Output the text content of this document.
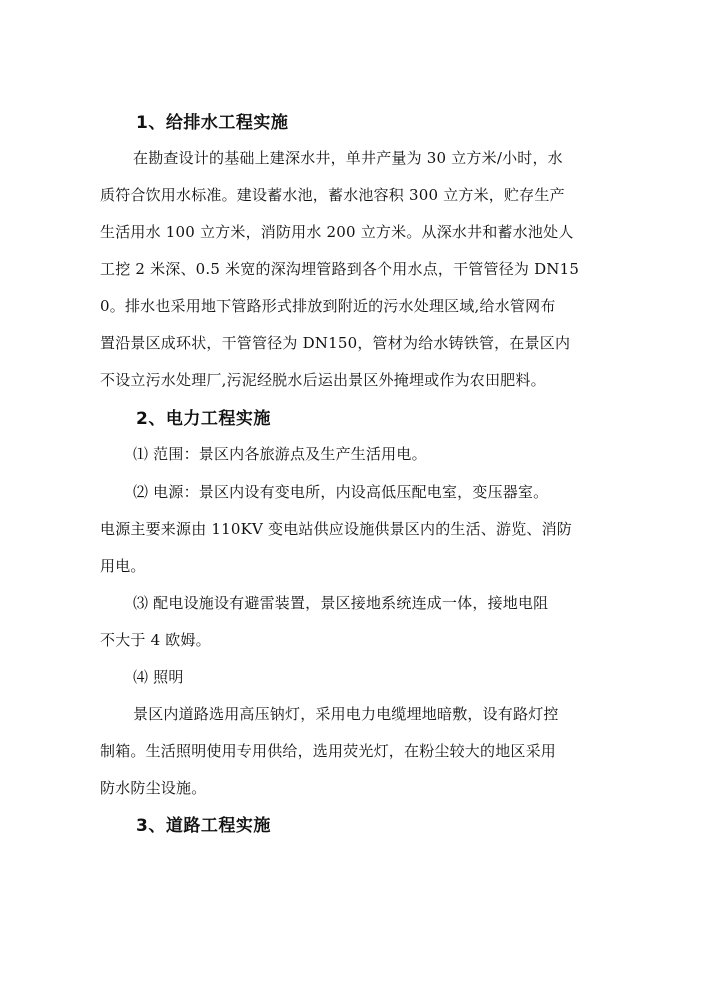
1、给排水工程实施
在勘查设计的基础上建深水井，单井产量为 30 立方米/小时，水
质符合饮用水标准。建设蓄水池，蓄水池容积 300 立方米，贮存生产
生活用水 100 立方米，消防用水 200 立方米。从深水井和蓄水池处人
工挖 2 米深、0.5 米宽的深沟埋管路到各个用水点，干管管径为 DN15
0。排水也采用地下管路形式排放到附近的污水处理区域,给水管网布
置沿景区成环状，干管管径为 DN150，管材为给水铸铁管，在景区内
不设立污水处理厂,污泥经脱水后运出景区外掩埋或作为农田肥料。
2、电力工程实施
⑴ 范围：景区内各旅游点及生产生活用电。
⑵ 电源：景区内设有变电所，内设高低压配电室，变压器室。
电源主要来源由 110KV 变电站供应设施供景区内的生活、游览、消防
用电。
⑶ 配电设施设有避雷装置，景区接地系统连成一体，接地电阻
不大于 4 欧姆。
⑷ 照明
景区内道路选用高压钠灯，采用电力电缆埋地暗敷，设有路灯控
制箱。生活照明使用专用供给，选用荧光灯，在粉尘较大的地区采用
防水防尘设施。
3、道路工程实施
